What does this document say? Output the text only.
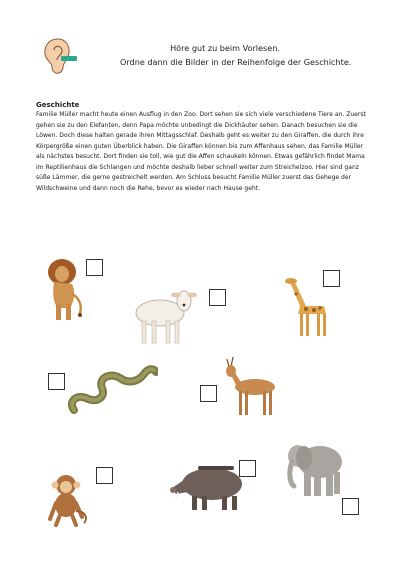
Höre gut zu beim Vorlesen.
Ordne dann die Bilder in der Reihenfolge der Geschichte.
Geschichte
Familie Müller macht heute einen Ausflug in den Zoo. Dort sehen sie sich viele verschiedene Tiere an. Zuerst gehen sie zu den Elefanten, denn Papa möchte unbedingt die Dickhäuter sehen. Danach besuchen sie die Löwen. Doch diese halten gerade ihren Mittagsschlaf. Deshalb geht es weiter zu den Giraffen, die durch ihre Körpergröße einen guten Überblick haben. Die Giraffen können bis zum Affenhaus sehen, das Familie Müller als nächstes besucht. Dort finden sie toll, wie gut die Affen schaukeln können. Etwas gefährlich findet Mama im Reptilienhaus die Schlangen und möchte deshalb lieber schnell weiter zum Streichelzoo. Hier sind ganz süße Lämmer, die gerne gestreichelt werden. Am Schluss besucht Familie Müller zuerst das Gehege der Wildschweine und dann noch die Rehe, bevor es wieder nach Hause geht.
